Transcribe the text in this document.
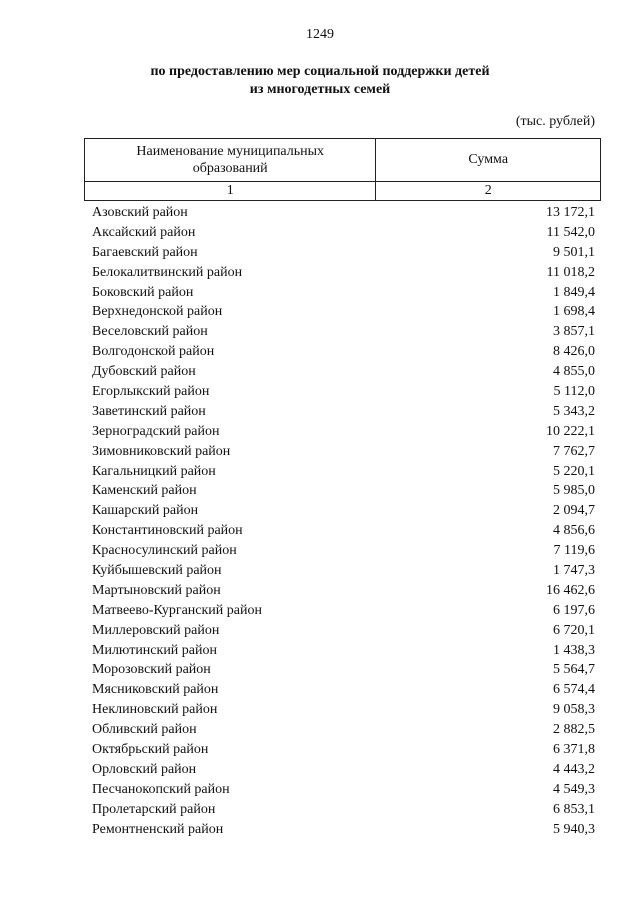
1249
по предоставлению мер социальной поддержки детей
из многодетных семей
(тыс. рублей)
Наименование муниципальных
образований	Сумма
1	2
Азовский район	13 172,1
Аксайский район	11 542,0
Багаевский район	9 501,1
Белокалитвинский район	11 018,2
Боковский район	1 849,4
Верхнедонской район	1 698,4
Веселовский район	3 857,1
Волгодонской район	8 426,0
Дубовский район	4 855,0
Егорлыкский район	5 112,0
Заветинский район	5 343,2
Зерноградский район	10 222,1
Зимовниковский район	7 762,7
Кагальницкий район	5 220,1
Каменский район	5 985,0
Кашарский район	2 094,7
Константиновский район	4 856,6
Красносулинский район	7 119,6
Куйбышевский район	1 747,3
Мартыновский район	16 462,6
Матвеево-Курганский район	6 197,6
Миллеровский район	6 720,1
Милютинский район	1 438,3
Морозовский район	5 564,7
Мясниковский район	6 574,4
Неклиновский район	9 058,3
Обливский район	2 882,5
Октябрьский район	6 371,8
Орловский район	4 443,2
Песчанокопский район	4 549,3
Пролетарский район	6 853,1
Ремонтненский район	5 940,3
